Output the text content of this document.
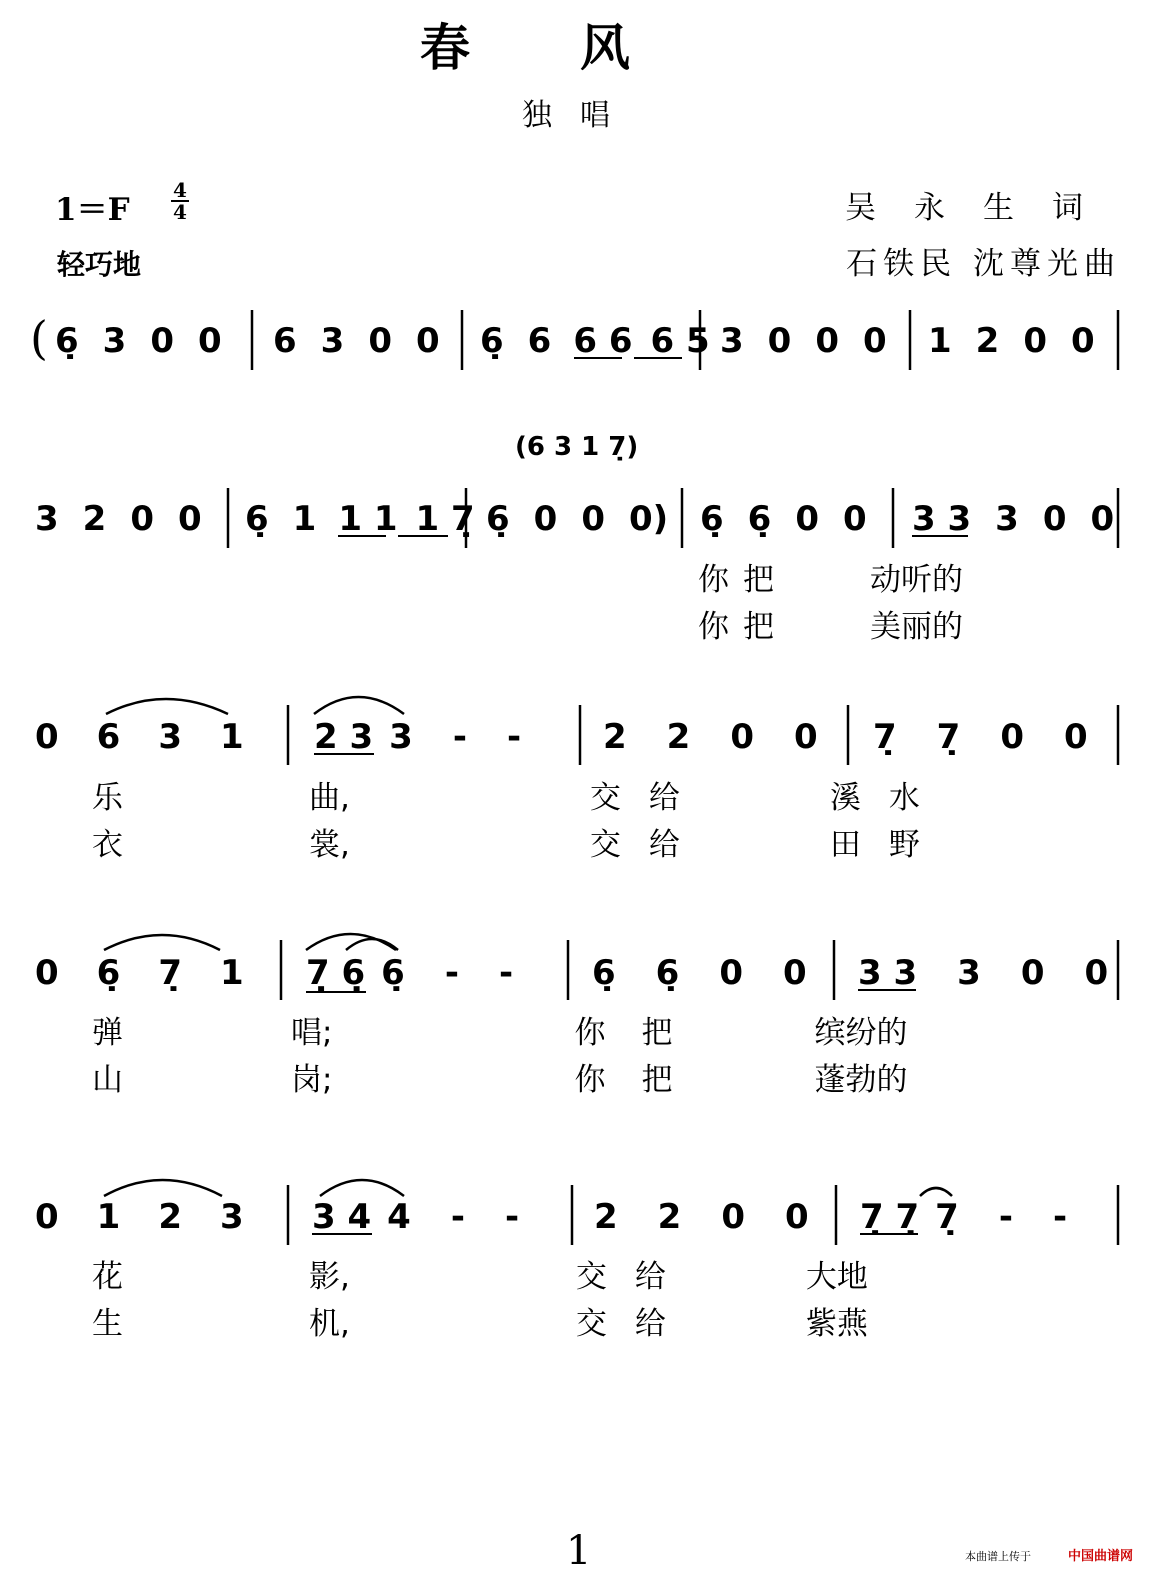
春风
独唱
1＝F
4
4
轻巧地
吴永生词
石铁民 沈尊光曲
( 6̣ 3 0 0 6 3 0 0 6̣ 6 6 6 6 5 3 0 0 0 1 2 0 0
(6 3 1 7̣)
3 2 0 0 6̣ 1 1 1 1 7̣ 6̣ 0 0 0) 6̣ 6̣ 0 0 3 3 3 0 0
你 把	动听的
你 把	美丽的
0 6 3 1 2 3 3 - - 2 2 0 0 7̣ 7̣ 0 0
乐	曲,	交 给	溪 水
衣	裳,	交 给	田 野
0 6̣ 7̣ 1 7̣ 6̣ 6̣ - - 6̣ 6̣ 0 0 3 3 3 0 0
弹	唱;	你 把	缤纷的
山	岗;	你 把	蓬勃的
0 1 2 3 3 4 4 - - 2 2 0 0 7̣ 7̣ 7̣ - -
花	影,	交 给	大地
生	机,	交 给	紫燕
1	本曲谱上传于	中国曲谱网
